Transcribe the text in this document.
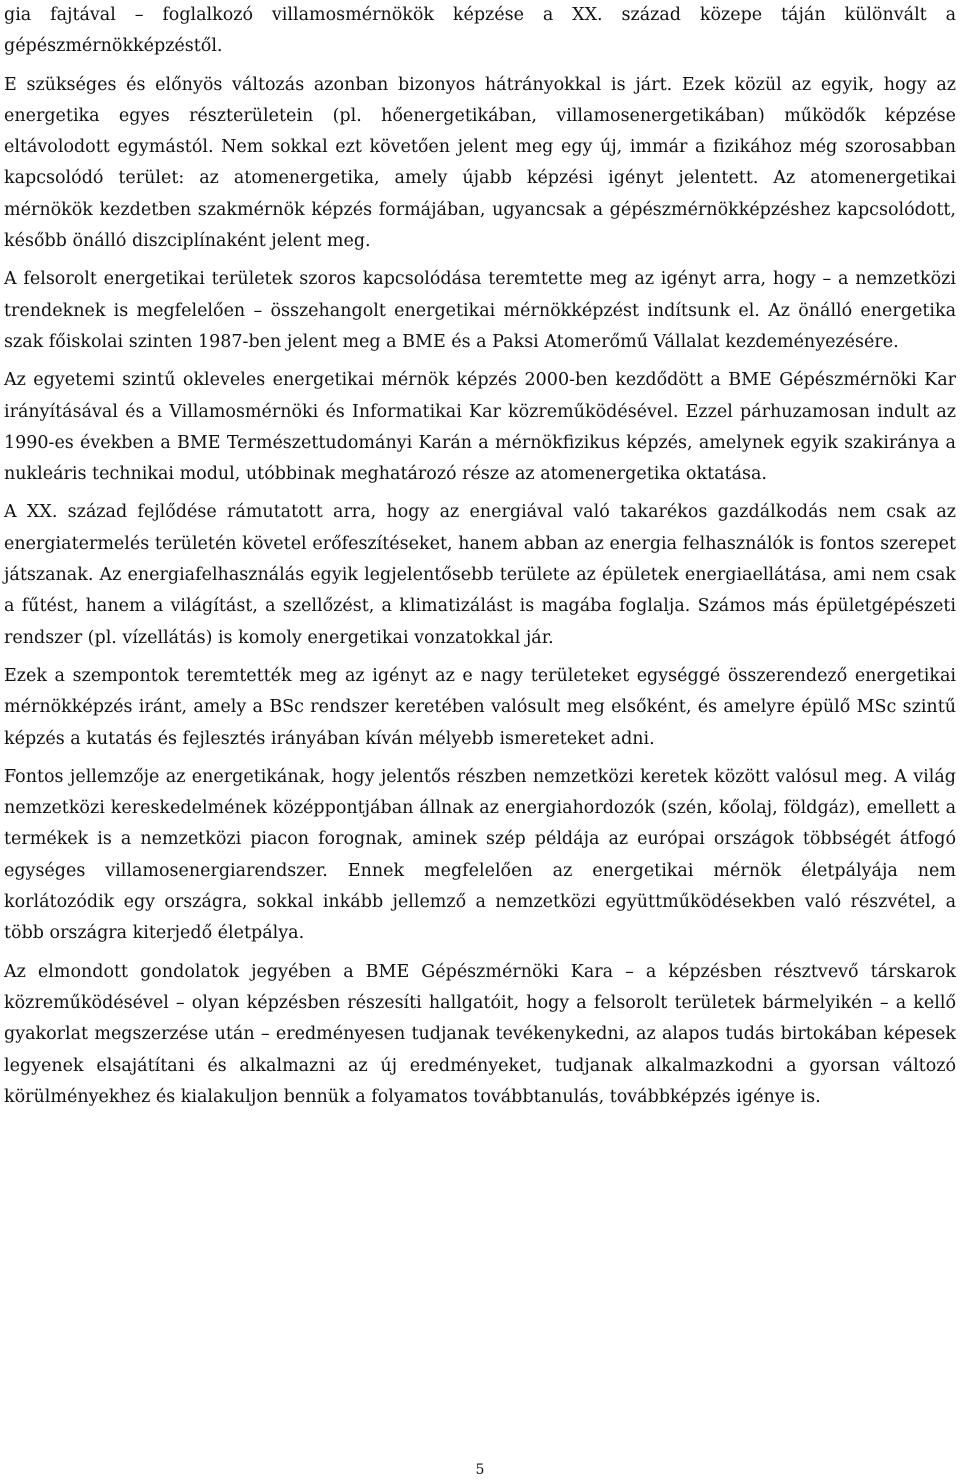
gia fajtával – foglalkozó villamosmérnökök képzése a XX. század közepe táján különvált a gépészmérnökképzéstől.

E szükséges és előnyös változás azonban bizonyos hátrányokkal is járt. Ezek közül az egyik, hogy az energetika egyes részterületein (pl. hőenergetikában, villamosenergetikában) működők képzése eltávolodott egymástól. Nem sokkal ezt követően jelent meg egy új, immár a fizikához még szorosabban kapcsolódó terület: az atomenergetika, amely újabb képzési igényt jelentett. Az atomenergetikai mérnökök kezdetben szakmérnök képzés formájában, ugyancsak a gépészmérnökképzéshez kapcsolódott, később önálló diszciplínaként jelent meg.

A felsorolt energetikai területek szoros kapcsolódása teremtette meg az igényt arra, hogy – a nemzetközi trendeknek is megfelelően – összehangolt energetikai mérnökképzést indítsunk el. Az önálló energetika szak főiskolai szinten 1987-ben jelent meg a BME és a Paksi Atomerőmű Vállalat kezdeményezésére.

Az egyetemi szintű okleveles energetikai mérnök képzés 2000-ben kezdődött a BME Gépészmérnöki Kar irányításával és a Villamosmérnöki és Informatikai Kar közreműködésével. Ezzel párhuzamosan indult az 1990-es években a BME Természettudományi Karán a mérnökfizikus képzés, amelynek egyik szakiránya a nukleáris technikai modul, utóbbinak meghatározó része az atomenergetika oktatása.

A XX. század fejlődése rámutatott arra, hogy az energiával való takarékos gazdálkodás nem csak az energiatermelés területén követel erőfeszítéseket, hanem abban az energia felhasználók is fontos szerepet játszanak. Az energiafelhasználás egyik legjelentősebb területe az épületek energiaellátása, ami nem csak a fűtést, hanem a világítást, a szellőzést, a klimatizálást is magába foglalja. Számos más épületgépészeti rendszer (pl. vízellátás) is komoly energetikai vonzatokkal jár.

Ezek a szempontok teremtették meg az igényt az e nagy területeket egységgé összerendező energetikai mérnökképzés iránt, amely a BSc rendszer keretében valósult meg elsőként, és amelyre épülő MSc szintű képzés a kutatás és fejlesztés irányában kíván mélyebb ismereteket adni.

Fontos jellemzője az energetikának, hogy jelentős részben nemzetközi keretek között valósul meg. A világ nemzetközi kereskedelmének középpontjában állnak az energiahordozók (szén, kőolaj, földgáz), emellett a termékek is a nemzetközi piacon forognak, aminek szép példája az európai országok többségét átfogó egységes villamosenergiarendszer. Ennek megfelelően az energetikai mérnök életpályája nem korlátozódik egy országra, sokkal inkább jellemző a nemzetközi együttműködésekben való részvétel, a több országra kiterjedő életpálya.

Az elmondott gondolatok jegyében a BME Gépészmérnöki Kara – a képzésben résztvevő társkarok közreműködésével – olyan képzésben részesíti hallgatóit, hogy a felsorolt területek bármelyikén – a kellő gyakorlat megszerzése után – eredményesen tudjanak tevékenykedni, az alapos tudás birtokában képesek legyenek elsajátítani és alkalmazni az új eredményeket, tudjanak alkalmazkodni a gyorsan változó körülményekhez és kialakuljon bennük a folyamatos továbbtanulás, továbbképzés igénye is.

5
